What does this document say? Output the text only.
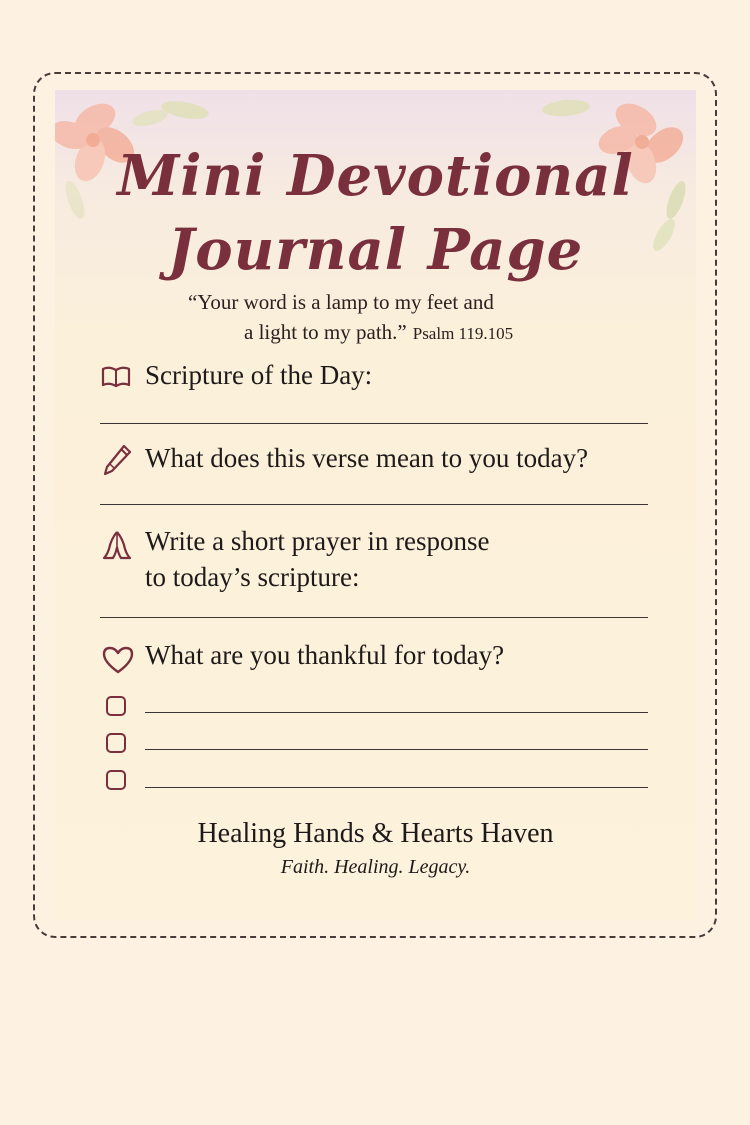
Mini Devotional
Journal Page
“Your word is a lamp to my feet and
a light to my path.” Psalm 119.105
Scripture of the Day:
What does this verse mean to you today?
Write a short prayer in response
to today’s scripture:
What are you thankful for today?
Healing Hands & Hearts Haven
Faith. Healing. Legacy.
